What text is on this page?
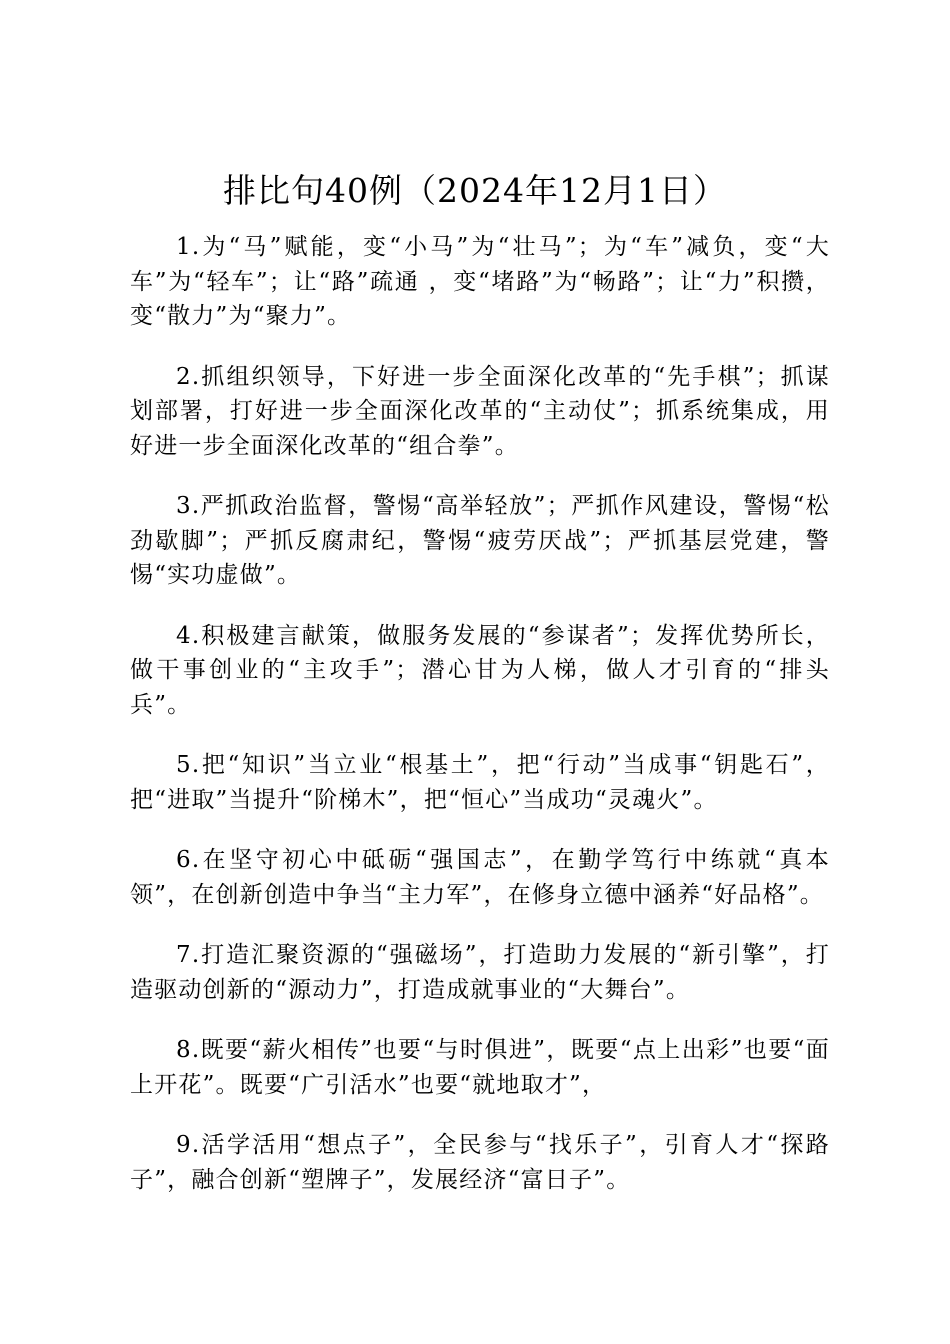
排比句40例（2024年12月1日）

1.为“马”赋能，变“小马”为“壮马”；为“车”减负，变“大车”为“轻车”；让“路”疏通 ，变“堵路”为“畅路”；让“力”积攒，变“散力”为“聚力”。

2.抓组织领导，下好进一步全面深化改革的“先手棋”；抓谋划部署，打好进一步全面深化改革的“主动仗”；抓系统集成，用好进一步全面深化改革的“组合拳”。

3.严抓政治监督，警惕“高举轻放”；严抓作风建设，警惕“松劲歇脚”；严抓反腐肃纪，警惕“疲劳厌战”；严抓基层党建，警惕“实功虚做”。

4.积极建言献策，做服务发展的“参谋者”；发挥优势所长，做干事创业的“主攻手”；潜心甘为人梯，做人才引育的“排头兵”。

5.把“知识”当立业“根基土”，把“行动”当成事“钥匙石”，把“进取”当提升“阶梯木”，把“恒心”当成功“灵魂火”。

6.在坚守初心中砥砺“强国志”，在勤学笃行中练就“真本领”，在创新创造中争当“主力军”，在修身立德中涵养“好品格”。

7.打造汇聚资源的“强磁场”，打造助力发展的“新引擎”，打造驱动创新的“源动力”，打造成就事业的“大舞台”。

8.既要“薪火相传”也要“与时俱进”，既要“点上出彩”也要“面上开花”。既要“广引活水”也要“就地取才”，

9.活学活用“想点子”，全民参与“找乐子”，引育人才“探路子”，融合创新“塑牌子”，发展经济“富日子”。
